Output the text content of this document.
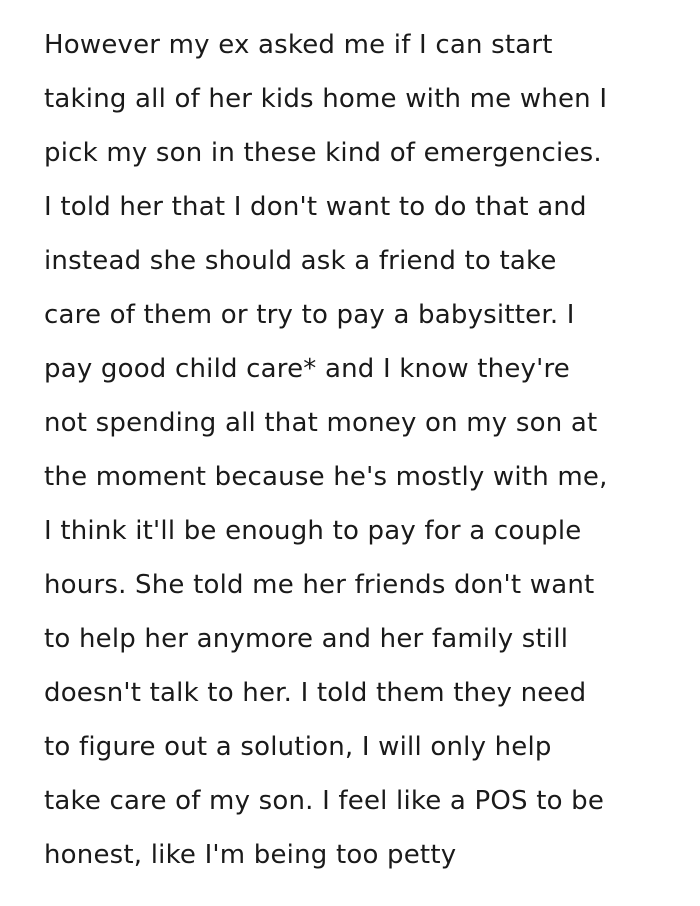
However my ex asked me if I can start
taking all of her kids home with me when I
pick my son in these kind of emergencies.
I told her that I don't want to do that and
instead she should ask a friend to take
care of them or try to pay a babysitter. I
pay good child care* and I know they're
not spending all that money on my son at
the moment because he's mostly with me,
I think it'll be enough to pay for a couple
hours. She told me her friends don't want
to help her anymore and her family still
doesn't talk to her. I told them they need
to figure out a solution, I will only help
take care of my son. I feel like a POS to be
honest, like I'm being too petty
